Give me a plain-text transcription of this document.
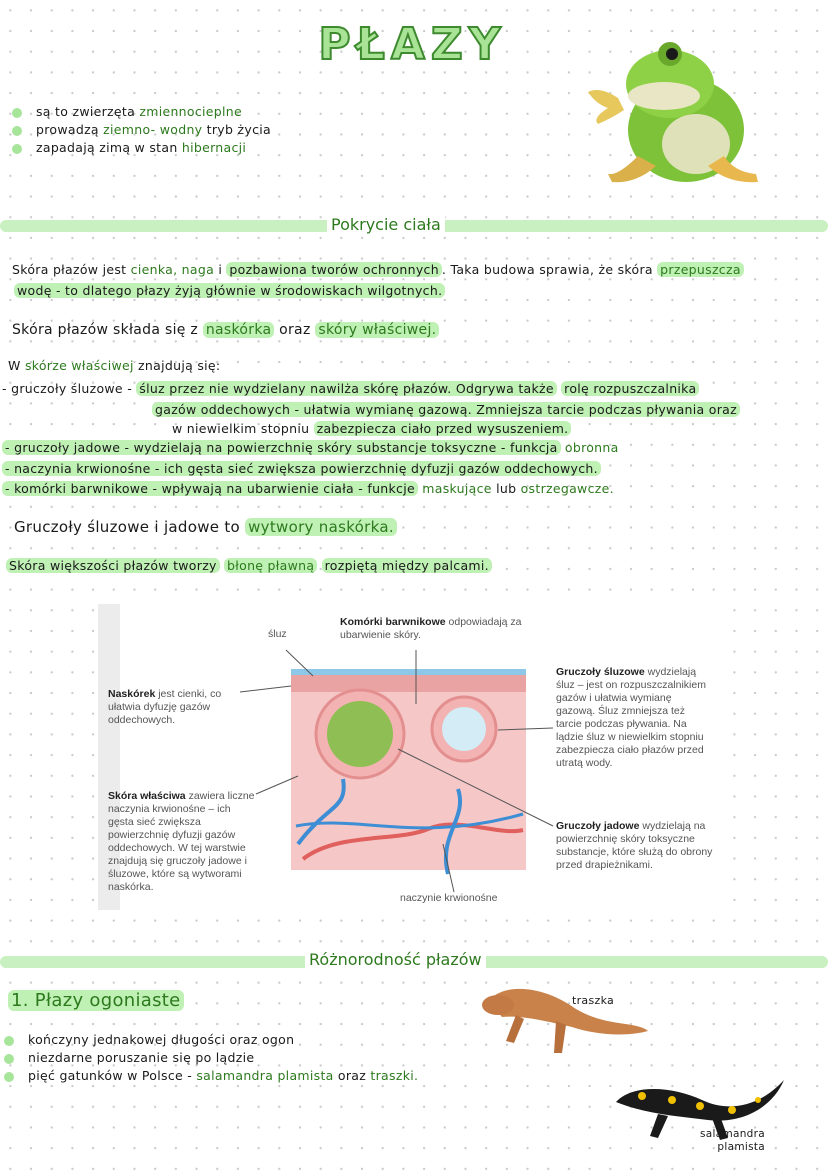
PŁAZY
są to zwierzęta zmiennocieplne
prowadzą ziemno- wodny tryb życia
zapadają zimą w stan hibernacji
Pokrycie ciała
Skóra płazów jest cienka, naga i pozbawiona tworów ochronnych . Taka budowa sprawia, że skóra przepuszcza
wodę - to dlatego płazy żyją głównie w środowiskach wilgotnych.
Skóra płazów składa się z naskórka oraz skóry właściwej.
W skórze właściwej znajdują się:
- gruczoły śluzowe - śluz przez nie wydzielany nawilża skórę płazów. Odgrywa także rolę rozpuszczalnika
gazów oddechowych - ułatwia wymianę gazową. Zmniejsza tarcie podczas pływania oraz
w niewielkim stopniu zabezpiecza ciało przed wysuszeniem.
- gruczoły jadowe - wydzielają na powierzchnię skóry substancje toksyczne - funkcja obronna
- naczynia krwionośne - ich gęsta sieć zwiększa powierzchnię dyfuzji gazów oddechowych.
- komórki barwnikowe - wpływają na ubarwienie ciała - funkcje maskujące lub ostrzegawcze.
Gruczoły śluzowe i jadowe to wytwory naskórka.
Skóra większości płazów tworzy błonę pławną rozpiętą między palcami.
śluz
Komórki barwnikowe odpowiadają za ubarwienie skóry.
Naskórek jest cienki, co ułatwia dyfuzję gazów oddechowych.
Skóra właściwa zawiera liczne naczynia krwionośne – ich gęsta sieć zwiększa powierzchnię dyfuzji gazów oddechowych. W tej warstwie znajdują się gruczoły jadowe i śluzowe, które są wytworami naskórka.
Gruczoły śluzowe wydzielają śluz – jest on rozpuszczalnikiem gazów i ułatwia wymianę gazową. Śluz zmniejsza też tarcie podczas pływania. Na lądzie śluz w niewielkim stopniu zabezpiecza ciało płazów przed utratą wody.
Gruczoły jadowe wydzielają na powierzchnię skóry toksyczne substancje, które służą do obrony przed drapieżnikami.
naczynie krwionośne
Różnorodność płazów
1. Płazy ogoniaste
kończyny jednakowej długości oraz ogon
niezdarne poruszanie się po lądzie
pięć gatunków w Polsce - salamandra plamista oraz traszki.
traszka
salamandra
plamista
